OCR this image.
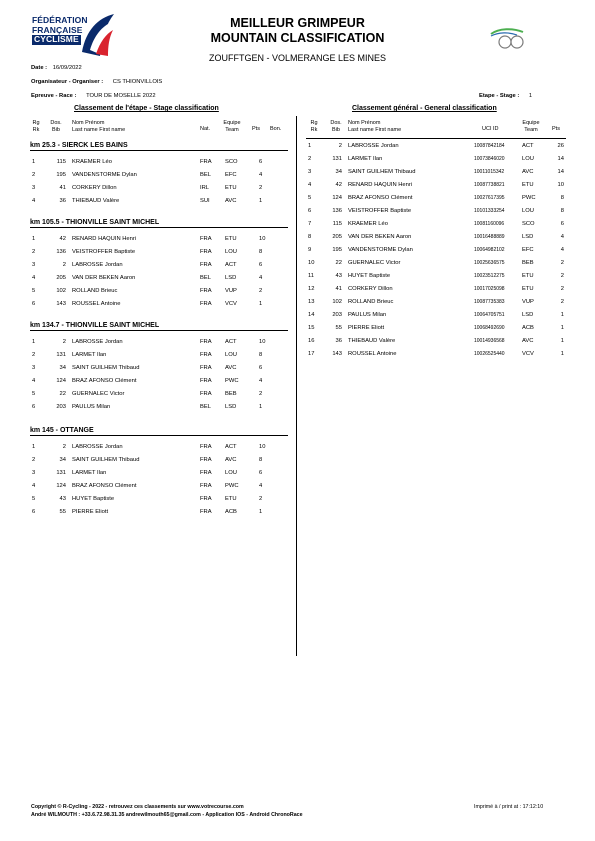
FÉDÉRATION
FRANÇAISE
CYCLISME
MEILLEUR GRIMPEUR
MOUNTAIN CLASSIFICATION
ZOUFFTGEN - VOLMERANGE LES MINES
Date : 16/09/2022
Organisateur - Organiser : CS THIONVILLOIS
Epreuve - Race : TOUR DE MOSELLE 2022	Etape - Stage : 1
Classement de l'étape - Stage classification	Classement général - General classification
Rg
Rk
Dos.
Bib
Nom Prénom
Last name First name	Nat.
Equipe
Team	Pts Bon.
Rg
Rk
Dos.
Bib
Nom Prénom
Last name First name	UCI ID
Equipe
Team	Pts
km 25.3 - SIERCK LES BAINS
1	115 KRAEMER Léo	FRA SCO	6
2	195 VANDENSTORME Dylan	BEL EFC	4
3	41 CORKERY Dillon	IRL	ETU	2
4	36 THIEBAUD Valère	SUI	AVC	1
km 105.5 - THIONVILLE SAINT MICHEL
1	42 RENARD HAQUIN Henri	FRA ETU	10
2	136 VEISTROFFER Baptiste	FRA LOU	8
3	2 LABROSSE Jordan	FRA ACT	6
4	205 VAN DER BEKEN Aaron	BEL LSD	4
5	102 ROLLAND Brieuc	FRA VUP	2
6	143 ROUSSEL Antoine	FRA VCV	1
km 134.7 - THIONVILLE SAINT MICHEL
1	2 LABROSSE Jordan	FRA ACT	10
2	131 LARMET Ilan	FRA LOU	8
3	34 SAINT GUILHEM Thibaud	FRA AVC	6
4	124 BRAZ AFONSO Clément	FRA PWC	4
5	22 GUERNALEC Victor	FRA BEB	2
6	203 PAULUS Milan	BEL LSD	1
km 145 - OTTANGE
1	2 LABROSSE Jordan	FRA ACT	10
2	34 SAINT GUILHEM Thibaud	FRA AVC	8
3	131 LARMET Ilan	FRA LOU	6
4	124 BRAZ AFONSO Clément	FRA PWC	4
5	43 HUYET Baptiste	FRA ETU	2
6	55 PIERRE Eliott	FRA ACB	1
1	2 LABROSSE Jordan	10087842184	ACT	26
2	131 LARMET Ilan	10073846020	LOU	14
3	34 SAINT GUILHEM Thibaud	10011015342	AVC	14
4	42 RENARD HAQUIN Henri	10087738821	ETU	10
5	124 BRAZ AFONSO Clément	10027617395	PWC	8
6	136 VEISTROFFER Baptiste	10101333254	LOU	8
7	115 KRAEMER Léo	10081160096	SCO	6
8	205 VAN DER BEKEN Aaron	10016488889	LSD	4
9	195 VANDENSTORME Dylan	10064982102	EFC	4
10	22 GUERNALEC Victor	10025636575	BEB	2
11	43 HUYET Baptiste	10023512275	ETU	2
12	41 CORKERY Dillon	10017025098	ETU	2
13	102 ROLLAND Brieuc	10087735383	VUP	2
14	203 PAULUS Milan	10064705751	LSD	1
15	55 PIERRE Eliott	10068492690	ACB	1
16	36 THIEBAUD Valère	10014936568	AVC	1
17	143 ROUSSEL Antoine	10026525440	VCV	1
Copyright © R-Cycling - 2022 - retrouvez ces classements sur www.votrecourse.com
André WILMOUTH : +33.6.72.98.31.35 andrewilmouth65@gmail.com - Application IOS - Android ChronoRace
Imprimé à / print at : 17:12:10
